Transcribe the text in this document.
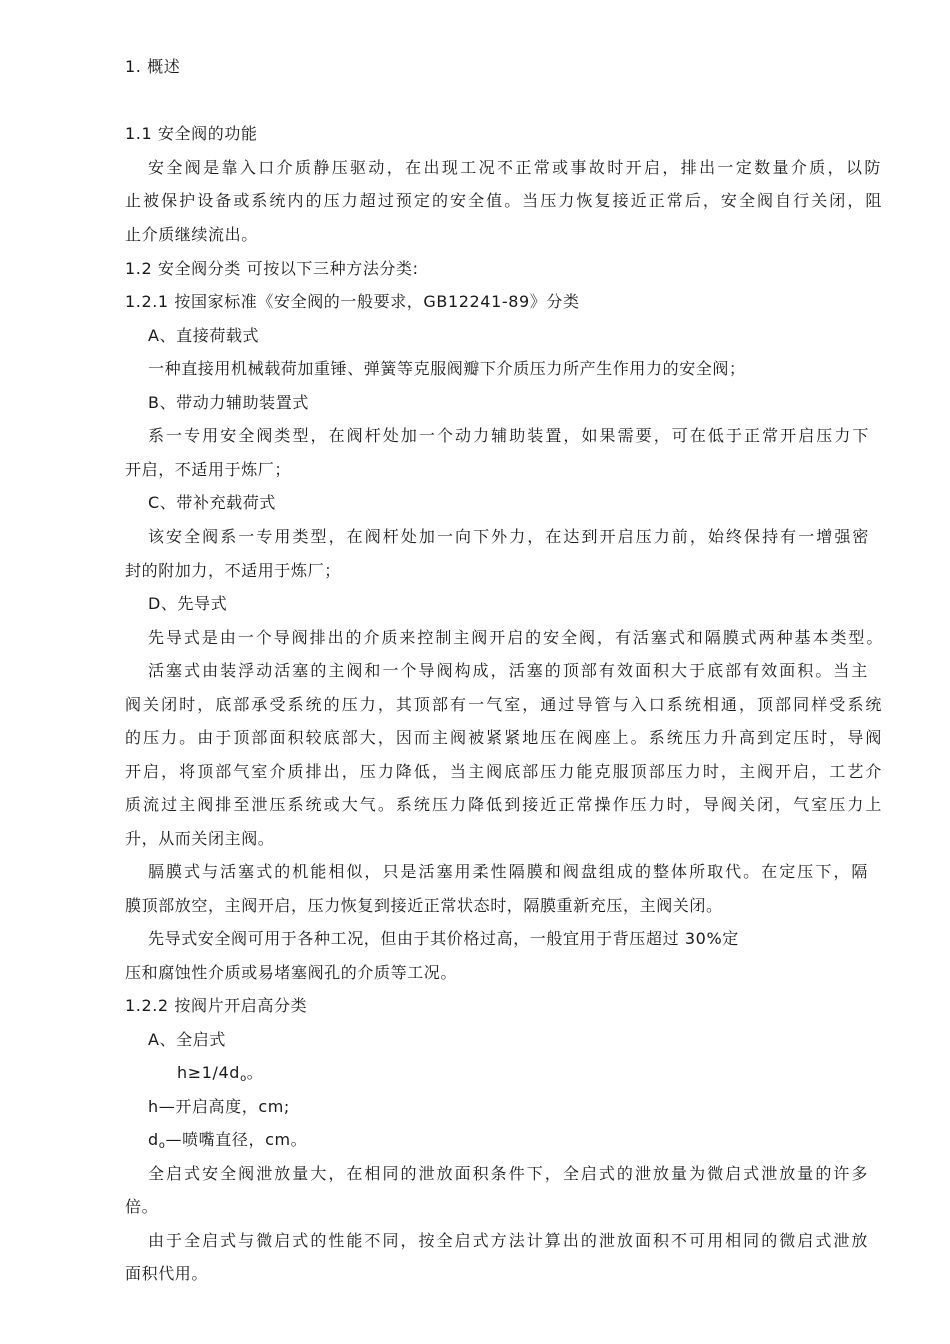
1. 概述
1.1 安全阀的功能
安全阀是靠入口介质静压驱动，在出现工况不正常或事故时开启，排出一定数量介质，以防
止被保护设备或系统内的压力超过预定的安全值。当压力恢复接近正常后，安全阀自行关闭，阻
止介质继续流出。
1.2 安全阀分类 可按以下三种方法分类:
1.2.1 按国家标准《安全阀的一般要求，GB12241-89》分类
A、直接荷载式
一种直接用机械载荷加重锤、弹簧等克服阀瓣下介质压力所产生作用力的安全阀；
B、带动力辅助装置式
系一专用安全阀类型，在阀杆处加一个动力辅助装置，如果需要，可在低于正常开启压力下
开启，不适用于炼厂；
C、带补充载荷式
该安全阀系一专用类型，在阀杆处加一向下外力，在达到开启压力前，始终保持有一增强密
封的附加力，不适用于炼厂；
D、先导式
先导式是由一个导阀排出的介质来控制主阀开启的安全阀，有活塞式和隔膜式两种基本类型。
活塞式由装浮动活塞的主阀和一个导阀构成，活塞的顶部有效面积大于底部有效面积。当主
阀关闭时，底部承受系统的压力，其顶部有一气室，通过导管与入口系统相通，顶部同样受系统
的压力。由于顶部面积较底部大，因而主阀被紧紧地压在阀座上。系统压力升高到定压时，导阀
开启，将顶部气室介质排出，压力降低，当主阀底部压力能克服顶部压力时，主阀开启，工艺介
质流过主阀排至泄压系统或大气。系统压力降低到接近正常操作压力时，导阀关闭，气室压力上
升，从而关闭主阀。
膈膜式与活塞式的机能相似，只是活塞用柔性隔膜和阀盘组成的整体所取代。在定压下，隔
膜顶部放空，主阀开启，压力恢复到接近正常状态时，隔膜重新充压，主阀关闭。
先导式安全阀可用于各种工况，但由于其价格过高，一般宜用于背压超过 30%定
压和腐蚀性介质或易堵塞阀孔的介质等工况。
1.2.2 按阀片开启高分类
A、全启式
$h\ge 1/4d_o$。
h—开启高度，cm;
$d_o—$喷嘴直径，cm。
全启式安全阀泄放量大，在相同的泄放面积条件下，全启式的泄放量为微启式泄放量的许多
倍。
由于全启式与微启式的性能不同，按全启式方法计算出的泄放面积不可用相同的微启式泄放
面积代用。
